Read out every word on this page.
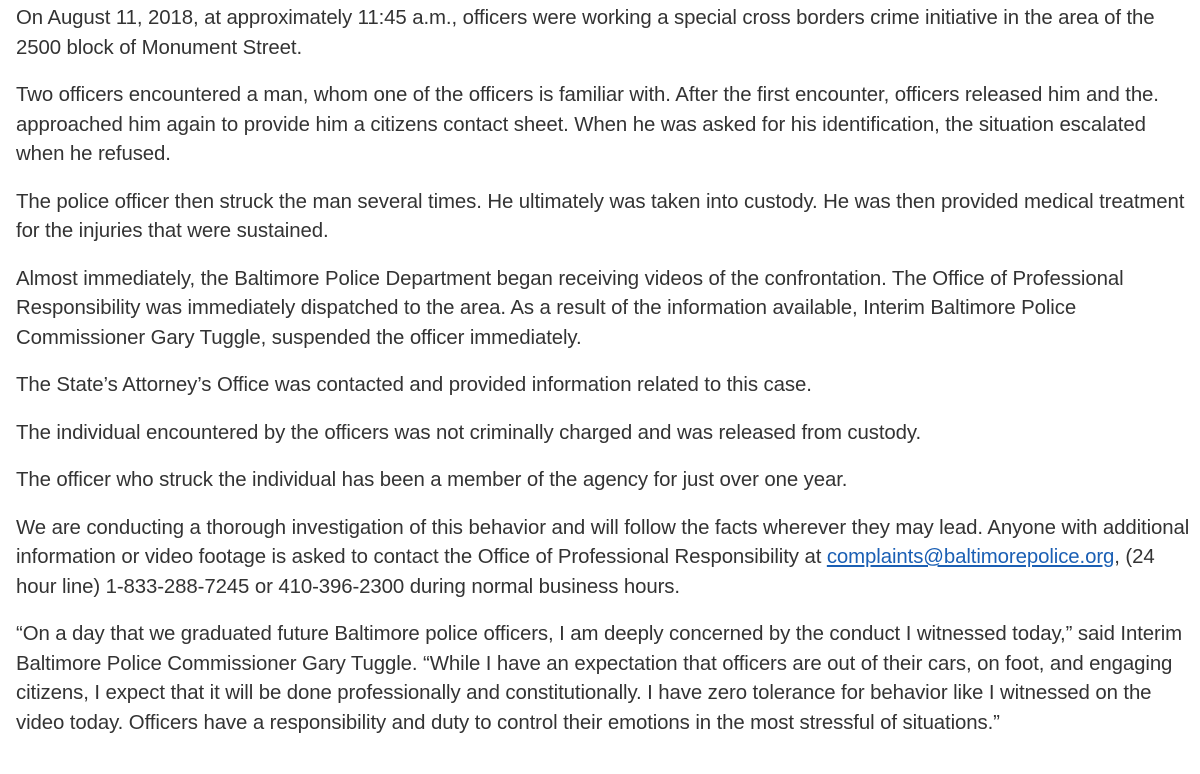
On August 11, 2018, at approximately 11:45 a.m., officers were working a special cross borders crime initiative in the area of the 2500 block of Monument Street.

Two officers encountered a man, whom one of the officers is familiar with. After the first encounter, officers released him and the. approached him again to provide him a citizens contact sheet. When he was asked for his identification, the situation escalated when he refused.

The police officer then struck the man several times. He ultimately was taken into custody. He was then provided medical treatment for the injuries that were sustained.

Almost immediately, the Baltimore Police Department began receiving videos of the confrontation. The Office of Professional Responsibility was immediately dispatched to the area. As a result of the information available, Interim Baltimore Police Commissioner Gary Tuggle, suspended the officer immediately.

The State’s Attorney’s Office was contacted and provided information related to this case.

The individual encountered by the officers was not criminally charged and was released from custody.

The officer who struck the individual has been a member of the agency for just over one year.

We are conducting a thorough investigation of this behavior and will follow the facts wherever they may lead. Anyone with additional information or video footage is asked to contact the Office of Professional Responsibility at complaints@baltimorepolice.org, (24 hour line) 1-833-288-7245 or 410-396-2300 during normal business hours.

“On a day that we graduated future Baltimore police officers, I am deeply concerned by the conduct I witnessed today,” said Interim Baltimore Police Commissioner Gary Tuggle. “While I have an expectation that officers are out of their cars, on foot, and engaging citizens, I expect that it will be done professionally and constitutionally. I have zero tolerance for behavior like I witnessed on the video today. Officers have a responsibility and duty to control their emotions in the most stressful of situations.”
